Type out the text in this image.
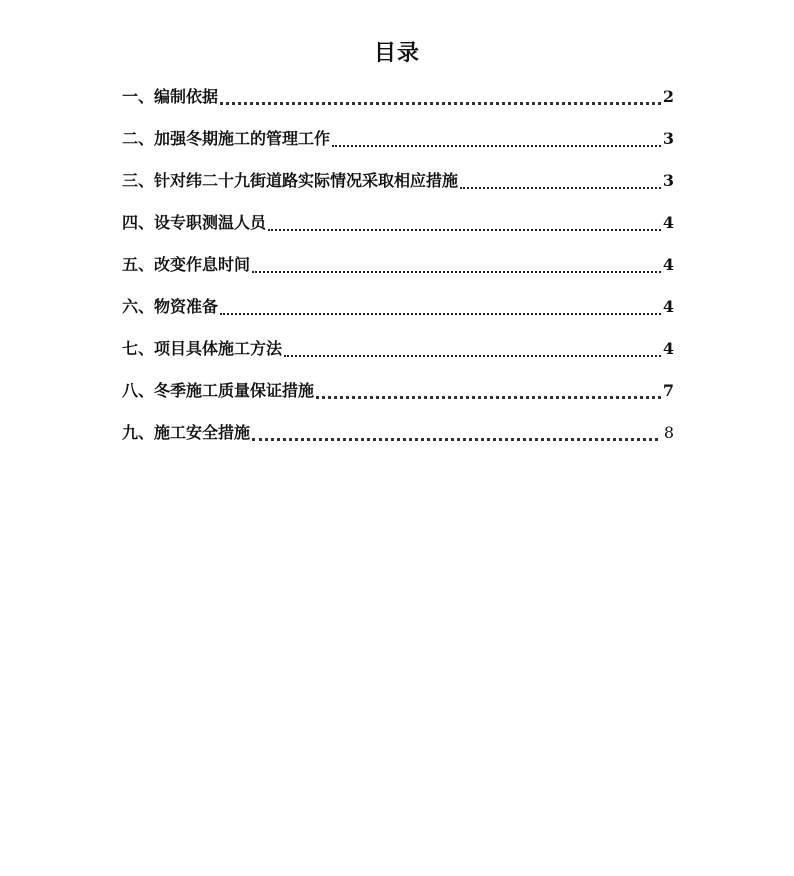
目录
一、编制依据	2
二、加强冬期施工的管理工作	3
三、针对纬二十九街道路实际情况采取相应措施	3
四、设专职测温人员	4
五、改变作息时间	4
六、物资准备	4
七、项目具体施工方法	4
八、冬季施工质量保证措施	7
九、施工安全措施	8
